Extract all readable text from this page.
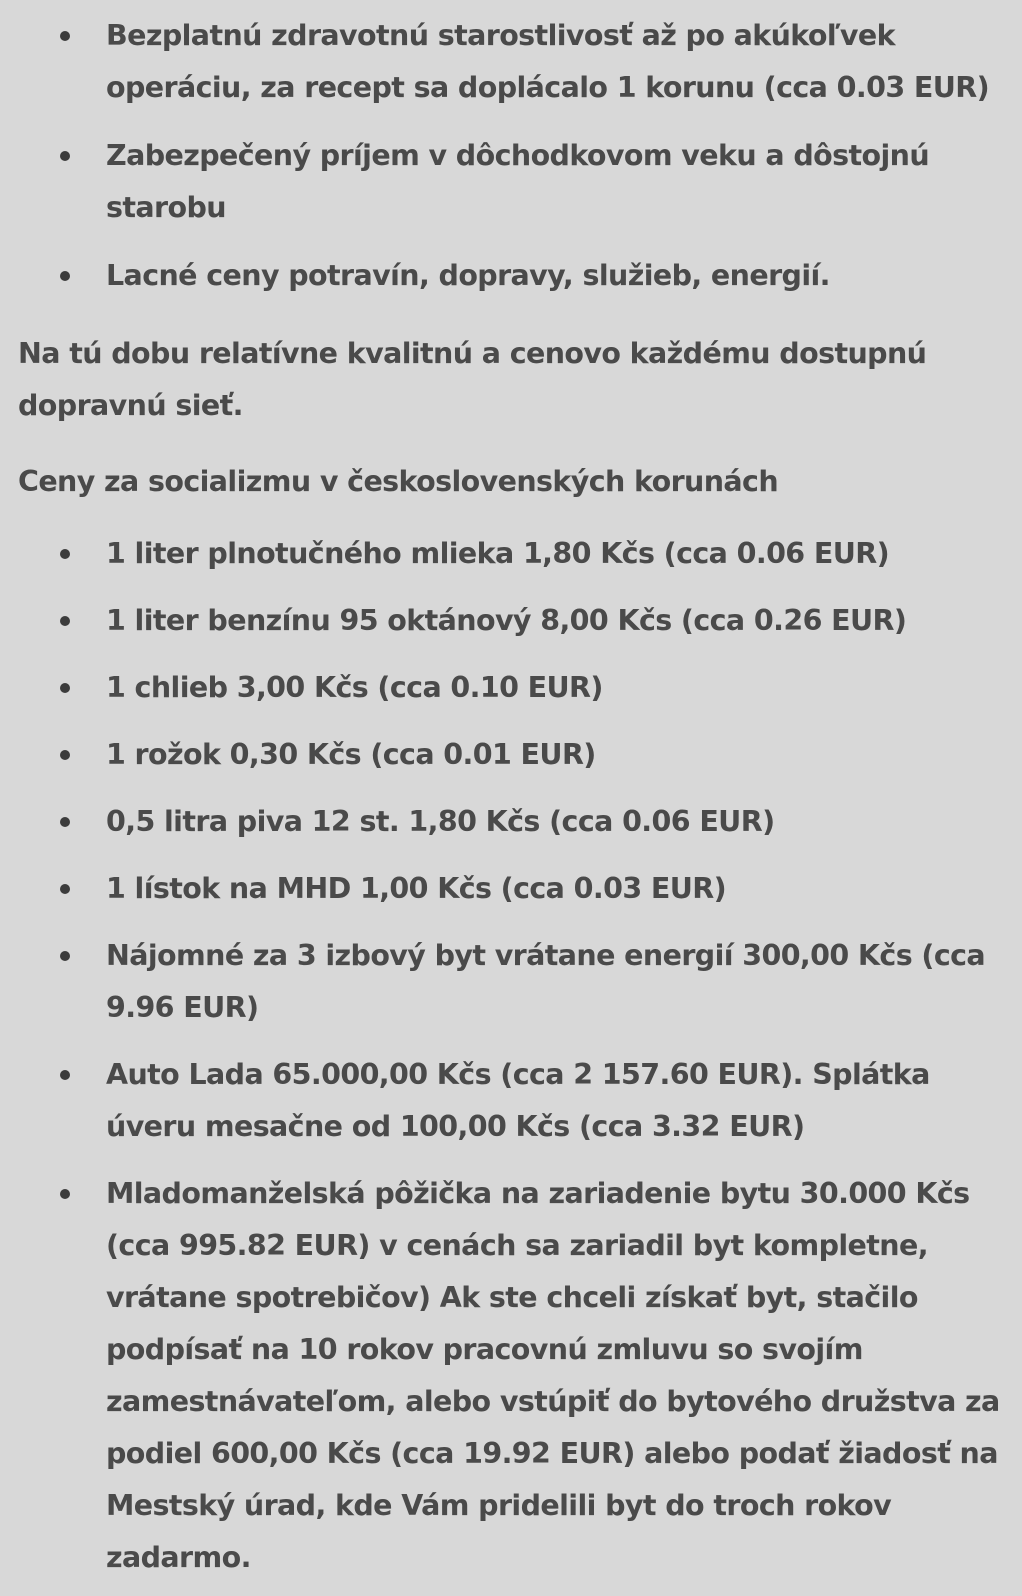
Bezplatnú zdravotnú starostlivosť až po akúkoľvek operáciu, za recept sa doplácalo 1 korunu (cca 0.03 EUR)
Zabezpečený príjem v dôchodkovom veku a dôstojnú starobu
Lacné ceny potravín, dopravy, služieb, energií.

Na tú dobu relatívne kvalitnú a cenovo každému dostupnú dopravnú sieť.

Ceny za socializmu v československých korunách

1 liter plnotučného mlieka 1,80 Kčs (cca 0.06 EUR)
1 liter benzínu 95 oktánový 8,00 Kčs (cca 0.26 EUR)
1 chlieb 3,00 Kčs (cca 0.10 EUR)
1 rožok 0,30 Kčs (cca 0.01 EUR)
0,5 litra piva 12 st. 1,80 Kčs (cca 0.06 EUR)
1 lístok na MHD 1,00 Kčs (cca 0.03 EUR)
Nájomné za 3 izbový byt vrátane energií 300,00 Kčs (cca 9.96 EUR)
Auto Lada 65.000,00 Kčs (cca 2 157.60 EUR). Splátka úveru mesačne od 100,00 Kčs (cca 3.32 EUR)
Mladomanželská pôžička na zariadenie bytu 30.000 Kčs (cca 995.82 EUR) v cenách sa zariadil byt kompletne, vrátane spotrebičov) Ak ste chceli získať byt, stačilo podpísať na 10 rokov pracovnú zmluvu so svojím zamestnávateľom, alebo vstúpiť do bytového družstva za podiel 600,00 Kčs (cca 19.92 EUR) alebo podať žiadosť na Mestský úrad, kde Vám pridelili byt do troch rokov zadarmo.
